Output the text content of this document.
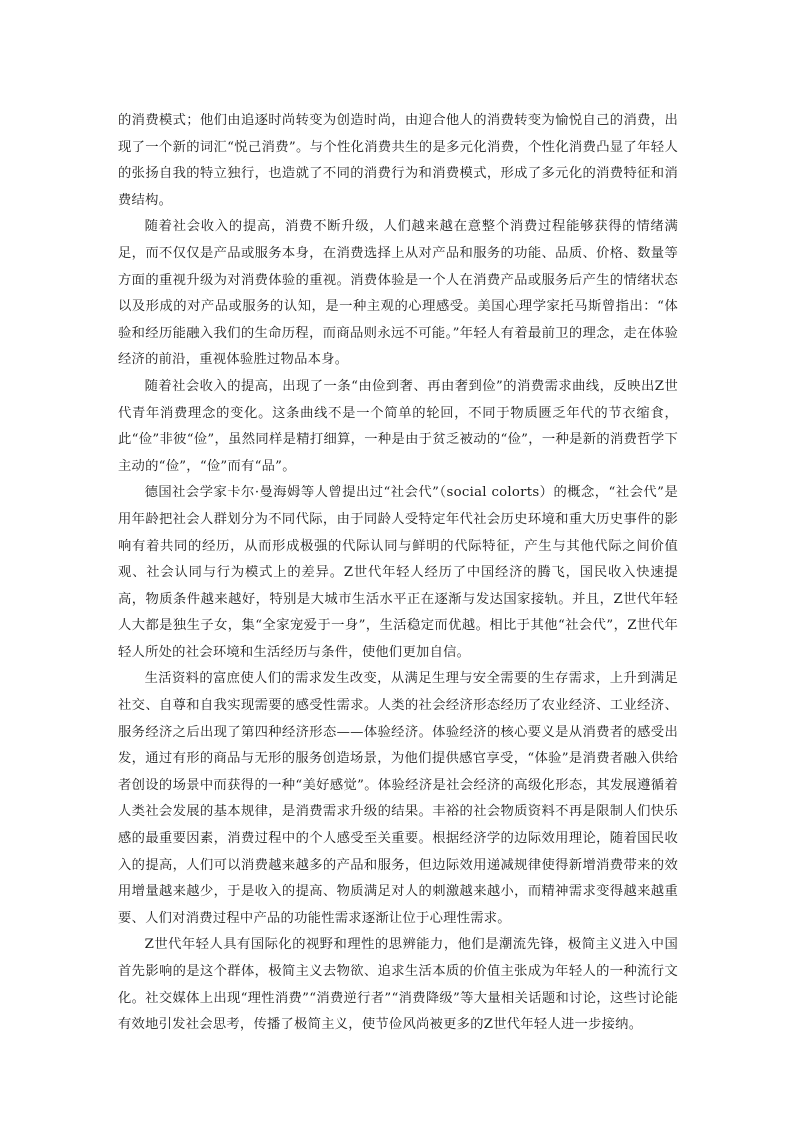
的消费模式；他们由追逐时尚转变为创造时尚，由迎合他人的消费转变为愉悦自己的消费，出现了一个新的词汇“悦己消费”。与个性化消费共生的是多元化消费，个性化消费凸显了年轻人的张扬自我的特立独行，也造就了不同的消费行为和消费模式，形成了多元化的消费特征和消费结构。

随着社会收入的提高，消费不断升级，人们越来越在意整个消费过程能够获得的情绪满足，而不仅仅是产品或服务本身，在消费选择上从对产品和服务的功能、品质、价格、数量等方面的重视升级为对消费体验的重视。消费体验是一个人在消费产品或服务后产生的情绪状态以及形成的对产品或服务的认知，是一种主观的心理感受。美国心理学家托马斯曾指出：“体验和经历能融入我们的生命历程，而商品则永远不可能。”年轻人有着最前卫的理念，走在体验经济的前沿，重视体验胜过物品本身。

随着社会收入的提高，出现了一条“由俭到奢、再由奢到俭”的消费需求曲线，反映出Z世代青年消费理念的变化。这条曲线不是一个简单的轮回，不同于物质匮乏年代的节衣缩食，此“俭”非彼“俭”，虽然同样是精打细算，一种是由于贫乏被动的“俭”，一种是新的消费哲学下主动的“俭”，“俭”而有“品”。

德国社会学家卡尔·曼海姆等人曾提出过“社会代”（social colorts）的概念，“社会代”是用年龄把社会人群划分为不同代际，由于同龄人受特定年代社会历史环境和重大历史事件的影响有着共同的经历，从而形成极强的代际认同与鲜明的代际特征，产生与其他代际之间价值观、社会认同与行为模式上的差异。Z世代年轻人经历了中国经济的腾飞，国民收入快速提高，物质条件越来越好，特别是大城市生活水平正在逐渐与发达国家接轨。并且，Z世代年轻人大都是独生子女，集“全家宠爱于一身”，生活稳定而优越。相比于其他“社会代”，Z世代年轻人所处的社会环境和生活经历与条件，使他们更加自信。

生活资料的富庶使人们的需求发生改变，从满足生理与安全需要的生存需求，上升到满足社交、自尊和自我实现需要的感受性需求。人类的社会经济形态经历了农业经济、工业经济、服务经济之后出现了第四种经济形态——体验经济。体验经济的核心要义是从消费者的感受出发，通过有形的商品与无形的服务创造场景，为他们提供感官享受，“体验”是消费者融入供给者创设的场景中而获得的一种“美好感觉”。体验经济是社会经济的高级化形态，其发展遵循着人类社会发展的基本规律，是消费需求升级的结果。丰裕的社会物质资料不再是限制人们快乐感的最重要因素，消费过程中的个人感受至关重要。根据经济学的边际效用理论，随着国民收入的提高，人们可以消费越来越多的产品和服务，但边际效用递减规律使得新增消费带来的效用增量越来越少，于是收入的提高、物质满足对人的刺激越来越小，而精神需求变得越来越重要、人们对消费过程中产品的功能性需求逐渐让位于心理性需求。

Z世代年轻人具有国际化的视野和理性的思辨能力，他们是潮流先锋，极简主义进入中国首先影响的是这个群体，极简主义去物欲、追求生活本质的价值主张成为年轻人的一种流行文化。社交媒体上出现“理性消费”“消费逆行者”“消费降级”等大量相关话题和讨论，这些讨论能有效地引发社会思考，传播了极简主义，使节俭风尚被更多的Z世代年轻人进一步接纳。
